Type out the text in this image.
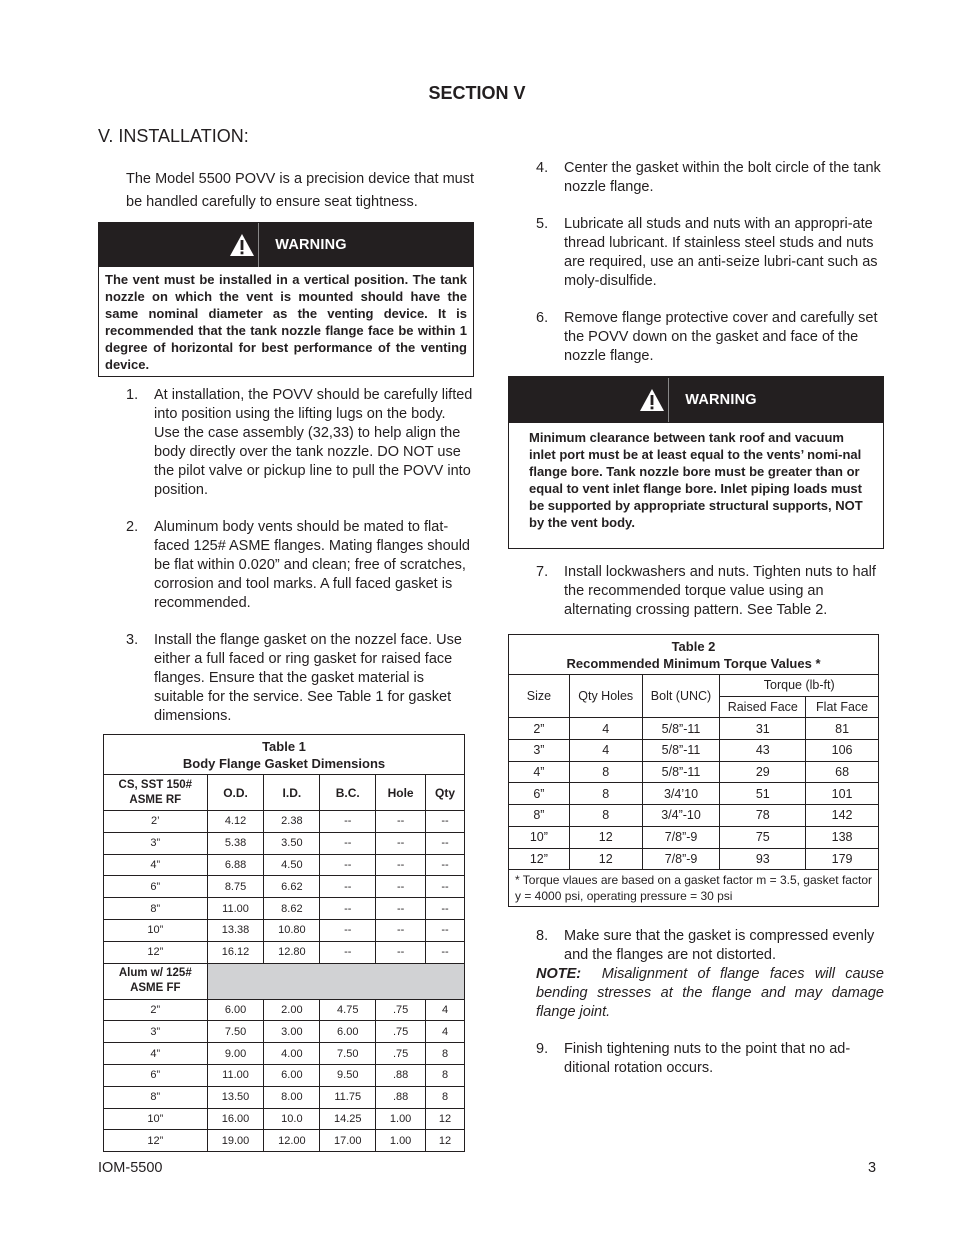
SECTION V
V. INSTALLATION:

The Model 5500 POVV is a precision device that must be handled carefully to ensure seat tightness.

WARNING
The vent must be installed in a vertical position. The tank nozzle on which the vent is mounted should have the same nominal diameter as the venting device. It is recommended that the tank nozzle flange face be within 1 degree of horizontal for best performance of the venting device.
1.	At installation, the POVV should be carefully lifted into position using the lifting lugs on the body. Use the case assembly (32,33) to help align the body directly over the tank nozzle. DO NOT use the pilot valve or pickup line to pull the POVV into position.
2.	Aluminum body vents should be mated to flat-faced 125# ASME flanges. Mating flanges should be flat within 0.020” and clean; free of scratches, corrosion and tool marks. A full faced gasket is recommended.
3.	Install the flange gasket on the nozzel face. Use either a full faced or ring gasket for raised face flanges. Ensure that the gasket material is suitable for the service. See Table 1 for gasket dimensions.
Table 1
Body Flange Gasket Dimensions					
CS, SST 150# ASME RF	O.D.	I.D.	B.C.	Hole	Qty
2’	4.12	2.38	--	--	--
3”	5.38	3.50	--	--	--
4”	6.88	4.50	--	--	--
6”	8.75	6.62	--	--	--
8”	11.00	8.62	--	--	--
10”	13.38	10.80	--	--	--
12”	16.12	12.80	--	--	--
Alum w/ 125# ASME FF					
2”	6.00	2.00	4.75	.75	4
3”	7.50	3.00	6.00	.75	4
4”	9.00	4.00	7.50	.75	8
6”	11.00	6.00	9.50	.88	8
8”	13.50	8.00	11.75	.88	8
10”	16.00	10.0	14.25	1.00	12
12”	19.00	12.00	17.00	1.00	12
4.	Center the gasket within the bolt circle of the tank nozzle flange.
5.	Lubricate all studs and nuts with an appropri-ate thread lubricant. If stainless steel studs and nuts are required, use an anti-seize lubri-cant such as moly-disulfide.
6.	Remove flange protective cover and carefully set the POVV down on the gasket and face of the nozzle flange.
WARNING
Minimum clearance between tank roof and vacuum inlet port must be at least equal to the vents’ nomi-nal flange bore. Tank nozzle bore must be greater than or equal to vent inlet flange bore. Inlet piping loads must be supported by appropriate structural supports, NOT by the vent body.
7.	Install lockwashers and nuts. Tighten nuts to half the recommended torque value using an alternating crossing pattern. See Table 2.
Table 2
Recommended Minimum Torque Values *				
Size	Qty Holes	Bolt (UNC)	Torque (lb-ft)	
			Raised Face	Flat Face
2”	4	5/8”-11	31	81
3”	4	5/8”-11	43	106
4”	8	5/8”-11	29	68
6”	8	3/4’10	51	101
8”	8	3/4”-10	78	142
10”	12	7/8”-9	75	138
12”	12	7/8”-9	93	179
* Torque vlaues are based on a gasket factor m = 3.5, gasket factor y = 4000 psi, operating pressure = 30 psi				
8.	Make sure that the gasket is compressed evenly and the flanges are not distorted.

NOTE: Misalignment of flange faces will cause bending stresses at the flange and may damage flange joint.

9.	Finish tightening nuts to the point that no ad-ditional rotation occurs.
IOM-5500	3
